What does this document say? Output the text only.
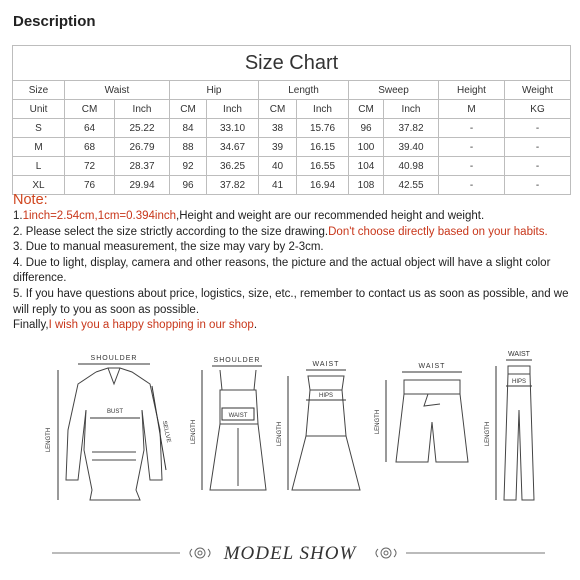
Description
Size Chart										
Size	Waist		Hip		Length		Sweep		Height	Weight
Unit	CM	Inch	CM	Inch	CM	Inch	CM	Inch	M	KG
S	64	25.22	84	33.10	38	15.76	96	37.82	-	-
M	68	26.79	88	34.67	39	16.15	100	39.40	-	-
L	72	28.37	92	36.25	40	16.55	104	40.98	-	-
XL	76	29.94	96	37.82	41	16.94	108	42.55	-	-
Note:
1.1inch=2.54cm,1cm=0.394inch,Height and weight are our recommended height and weight.
2. Please select the size strictly according to the size drawing.Don't choose directly based on your habits.
3. Due to manual measurement, the size may vary by 2-3cm.
4. Due to light, display, camera and other reasons, the picture and the actual object will have a slight color difference.
5. If you have questions about price, logistics, size, etc., remember to contact us as soon as possible, and we will reply to you as soon as possible.
Finally,I wish you a happy shopping in our shop.
SHOULDER
BUST
LENGTH	SELLVE
SHOULDER
WAIST
LENGTH
WAIST
HIPS
LENGTH
WAIST
LENGTH
WAIST
HIPS
LENGTH
MODEL SHOW
